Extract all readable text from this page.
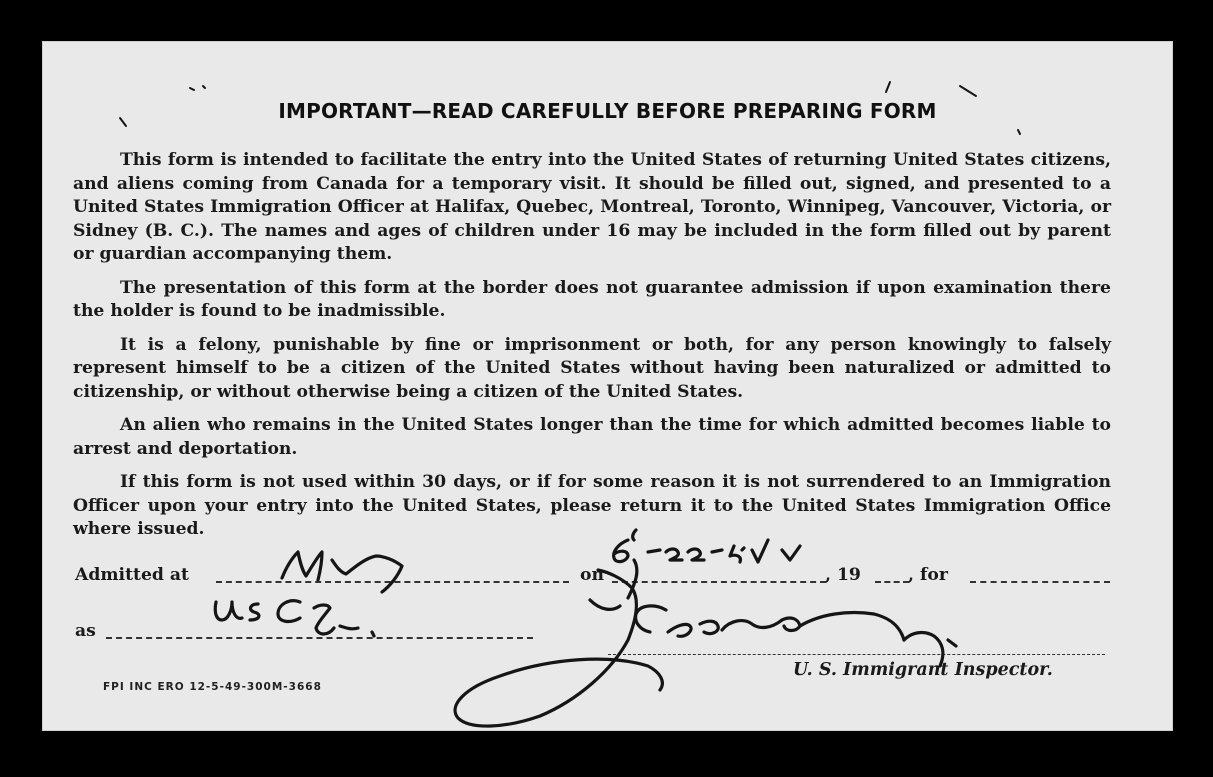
IMPORTANT—READ CAREFULLY BEFORE PREPARING FORM

This form is intended to facilitate the entry into the United States of returning United States citizens, and aliens coming from Canada for a temporary visit. It should be filled out, signed, and presented to a United States Immigration Officer at Halifax, Quebec, Montreal, Toronto, Winnipeg, Vancouver, Victoria, or Sidney (B. C.). The names and ages of children under 16 may be included in the form filled out by parent or guardian accompanying them.

The presentation of this form at the border does not guarantee admission if upon examination there the holder is found to be inadmissible.

It is a felony, punishable by fine or imprisonment or both, for any person knowingly to falsely represent himself to be a citizen of the United States without having been naturalized or admitted to citizenship, or without otherwise being a citizen of the United States.

An alien who remains in the United States longer than the time for which admitted becomes liable to arrest and deportation.

If this form is not used within 30 days, or if for some reason it is not surrendered to an Immigration Officer upon your entry into the United States, please return it to the United States Immigration Office where issued.

Admitted at	on	, 19	, for
as
U. S. Immigrant Inspector.
FPI INC ERO 12-5-49-300M-3668
